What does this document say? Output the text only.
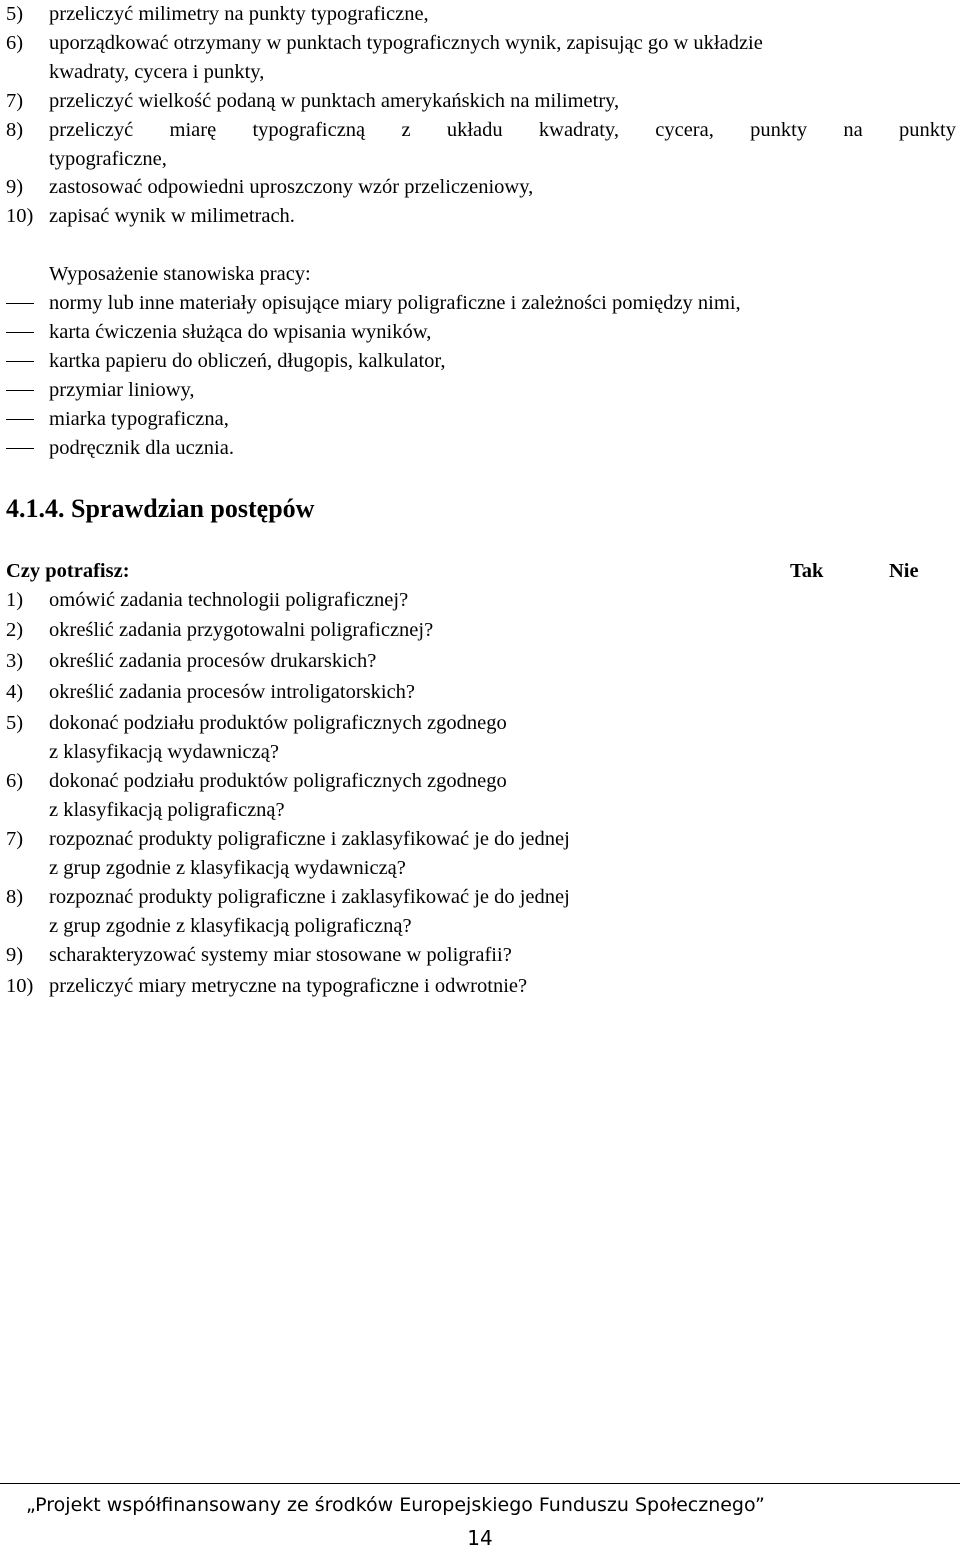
5) przeliczyć milimetry na punkty typograficzne,
6) uporządkować otrzymany w punktach typograficznych wynik, zapisując go w układzie
kwadraty, cycera i punkty,
7) przeliczyć wielkość podaną w punktach amerykańskich na milimetry,
8) przeliczyć miarę typograficzną z układu kwadraty, cycera, punkty na punkty
typograficzne,
9) zastosować odpowiedni uproszczony wzór przeliczeniowy,
10) zapisać wynik w milimetrach.
Wyposażenie stanowiska pracy:
normy lub inne materiały opisujące miary poligraficzne i zależności pomiędzy nimi,
karta ćwiczenia służąca do wpisania wyników,
kartka papieru do obliczeń, długopis, kalkulator,
przymiar liniowy,
miarka typograficzna,
podręcznik dla ucznia.
4.1.4. Sprawdzian postępów
Czy potrafisz:	Tak	Nie
1) omówić zadania technologii poligraficznej?
2) określić zadania przygotowalni poligraficznej?
3) określić zadania procesów drukarskich?
4) określić zadania procesów introligatorskich?
5) dokonać podziału produktów poligraficznych zgodnego
z klasyfikacją wydawniczą?
6) dokonać podziału produktów poligraficznych zgodnego
z klasyfikacją poligraficzną?
7) rozpoznać produkty poligraficzne i zaklasyfikować je do jednej
z grup zgodnie z klasyfikacją wydawniczą?
8) rozpoznać produkty poligraficzne i zaklasyfikować je do jednej
z grup zgodnie z klasyfikacją poligraficzną?
9) scharakteryzować systemy miar stosowane w poligrafii?
10) przeliczyć miary metryczne na typograficzne i odwrotnie?
„Projekt współfinansowany ze środków Europejskiego Funduszu Społecznego”
14
